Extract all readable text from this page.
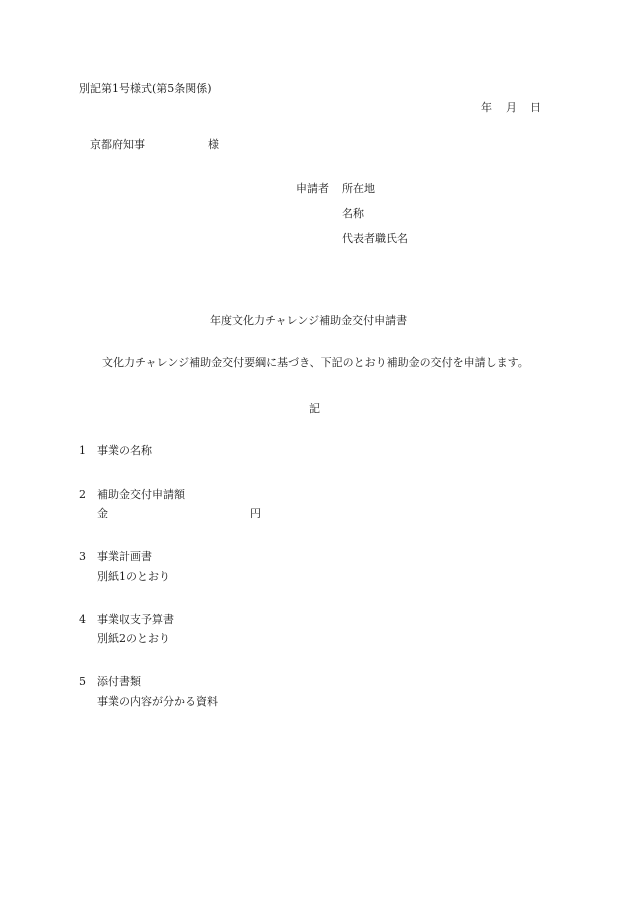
別記第1号様式(第5条関係)
年 月 日
京都府知事	様
申請者 所在地
名称
代表者職氏名
年度文化力チャレンジ補助金交付申請書
文化力チャレンジ補助金交付要綱に基づき、下記のとおり補助金の交付を申請します。
記
1 事業の名称
2 補助金交付申請額
金	円
3 事業計画書
別紙1のとおり
4 事業収支予算書
別紙2のとおり
5 添付書類
事業の内容が分かる資料
